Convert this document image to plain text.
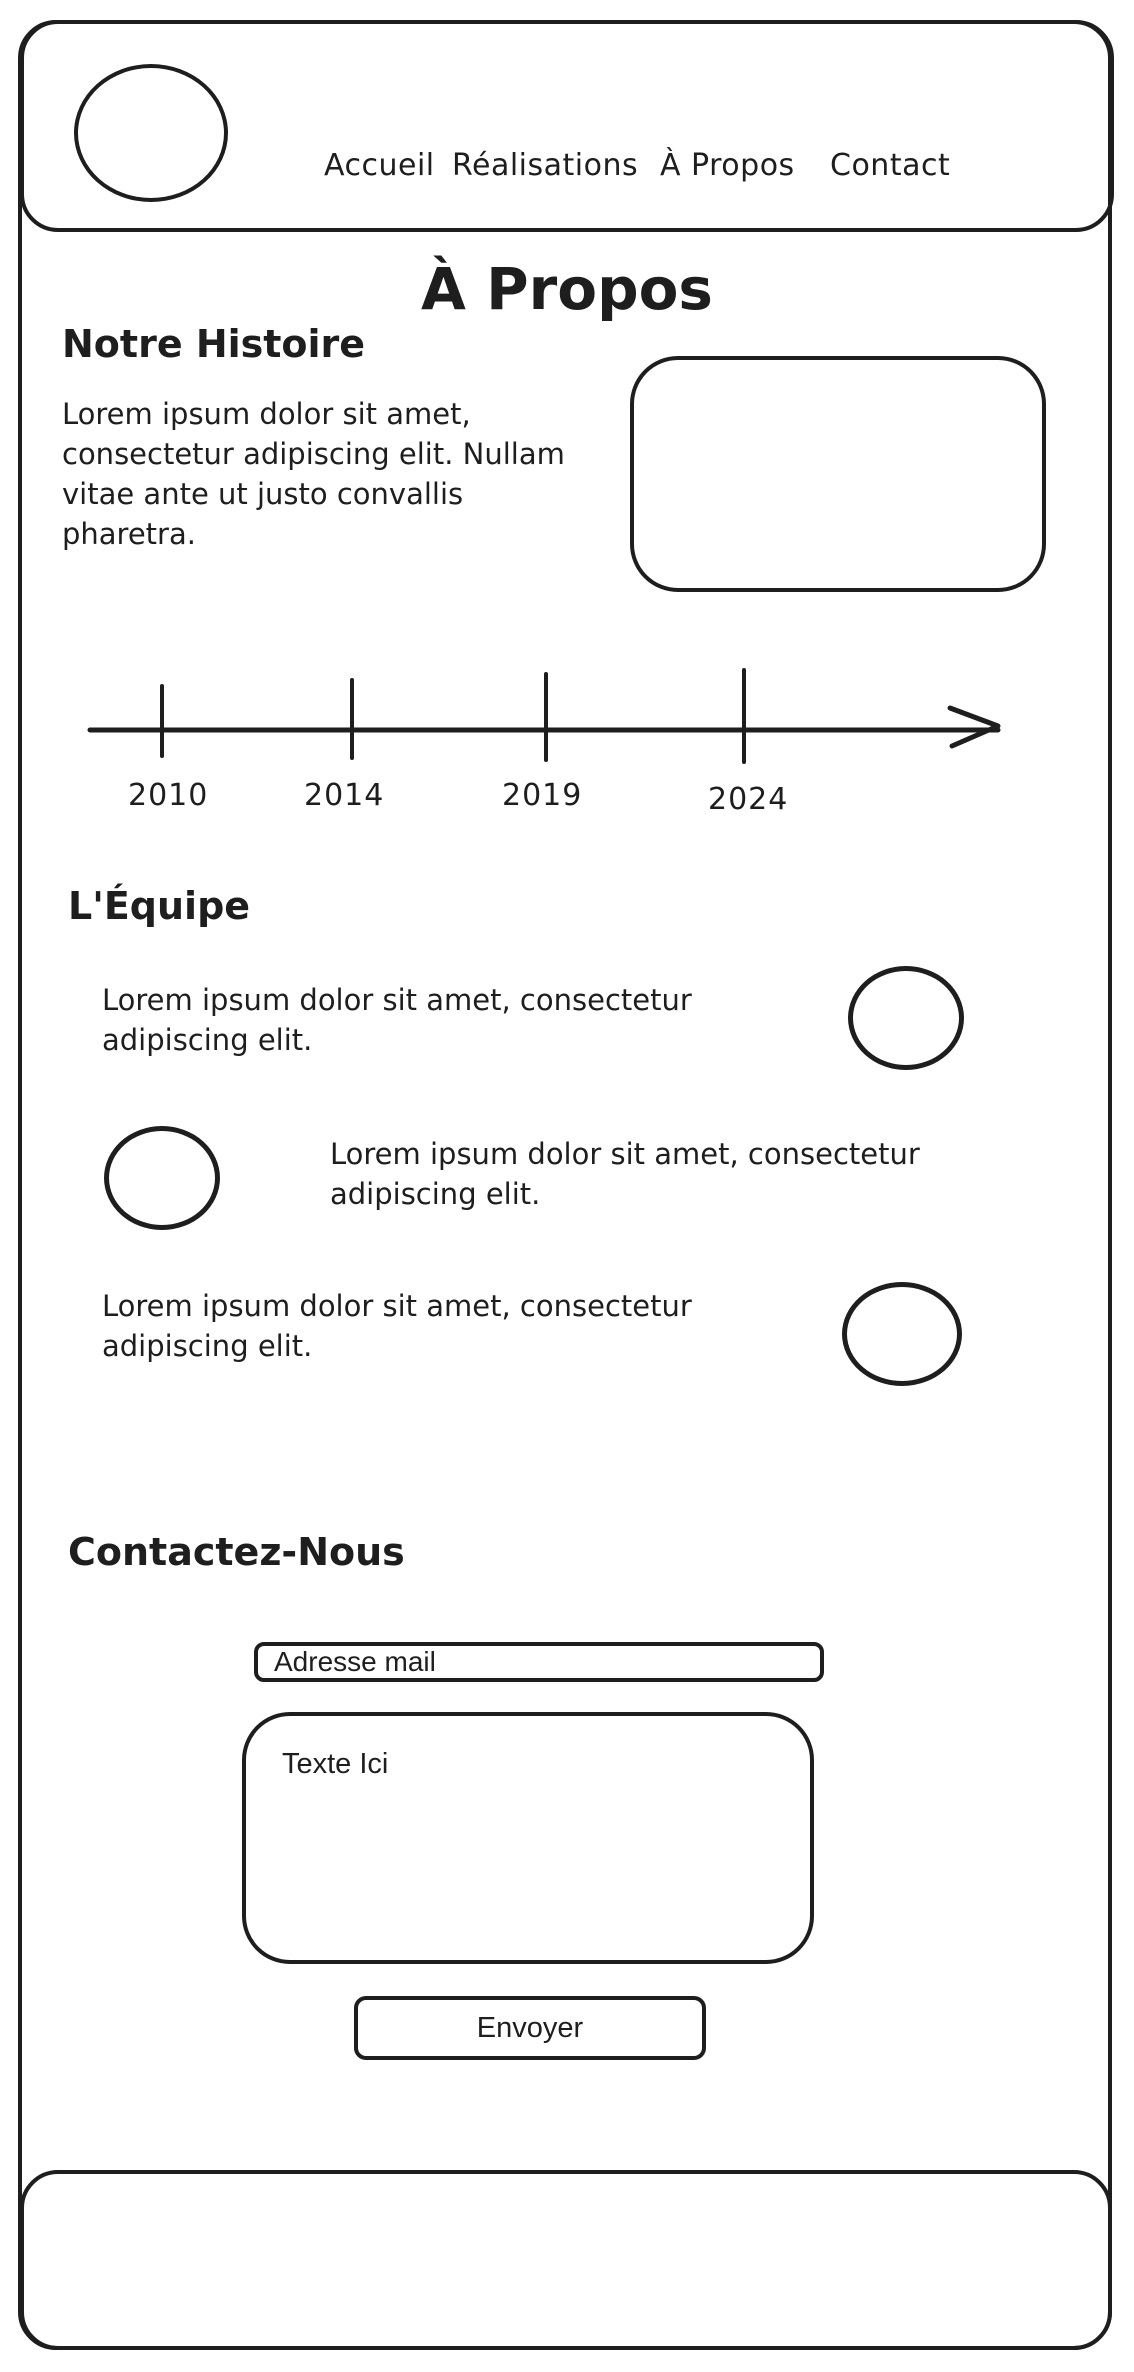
Accueil Réalisations À Propos Contact
À Propos
Notre Histoire
Lorem ipsum dolor sit amet, consectetur adipiscing elit. Nullam vitae ante ut justo convallis pharetra.
2010	2014	2019	2024
L'Équipe
Lorem ipsum dolor sit amet, consectetur adipiscing elit.
Lorem ipsum dolor sit amet, consectetur adipiscing elit.
Lorem ipsum dolor sit amet, consectetur adipiscing elit.
Contactez-Nous
Adresse mail
Texte Ici
Envoyer
